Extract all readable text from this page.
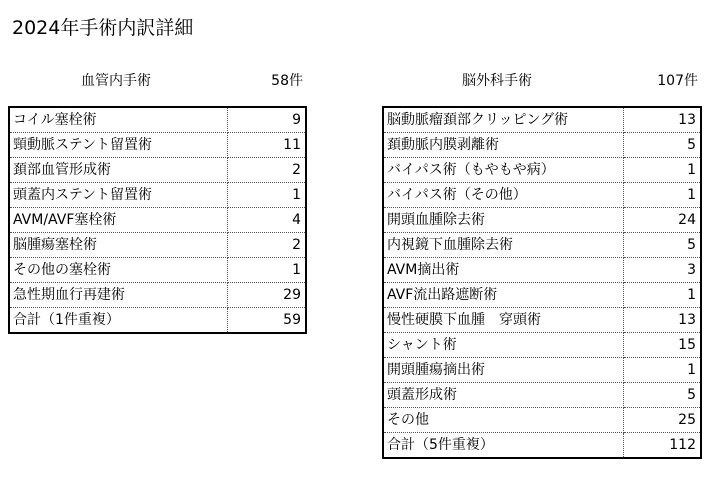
2024年手術内訳詳細
血管内手術	58件	脳外科手術	107件
コイル塞栓術	9
頸動脈ステント留置術	11
頚部血管形成術	2
頭蓋内ステント留置術	1
AVM/AVF塞栓術	4
脳腫瘍塞栓術	2
その他の塞栓術	1
急性期血行再建術	29
合計（1件重複）	59
脳動脈瘤頚部クリッピング術	13
頚動脈内膜剥離術	5
バイパス術（もやもや病）	1
バイパス術（その他）	1
開頭血腫除去術	24
内視鏡下血腫除去術	5
AVM摘出術	3
AVF流出路遮断術	1
慢性硬膜下血腫　穿頭術	13
シャント術	15
開頭腫瘍摘出術	1
頭蓋形成術	5
その他	25
合計（5件重複）	112
